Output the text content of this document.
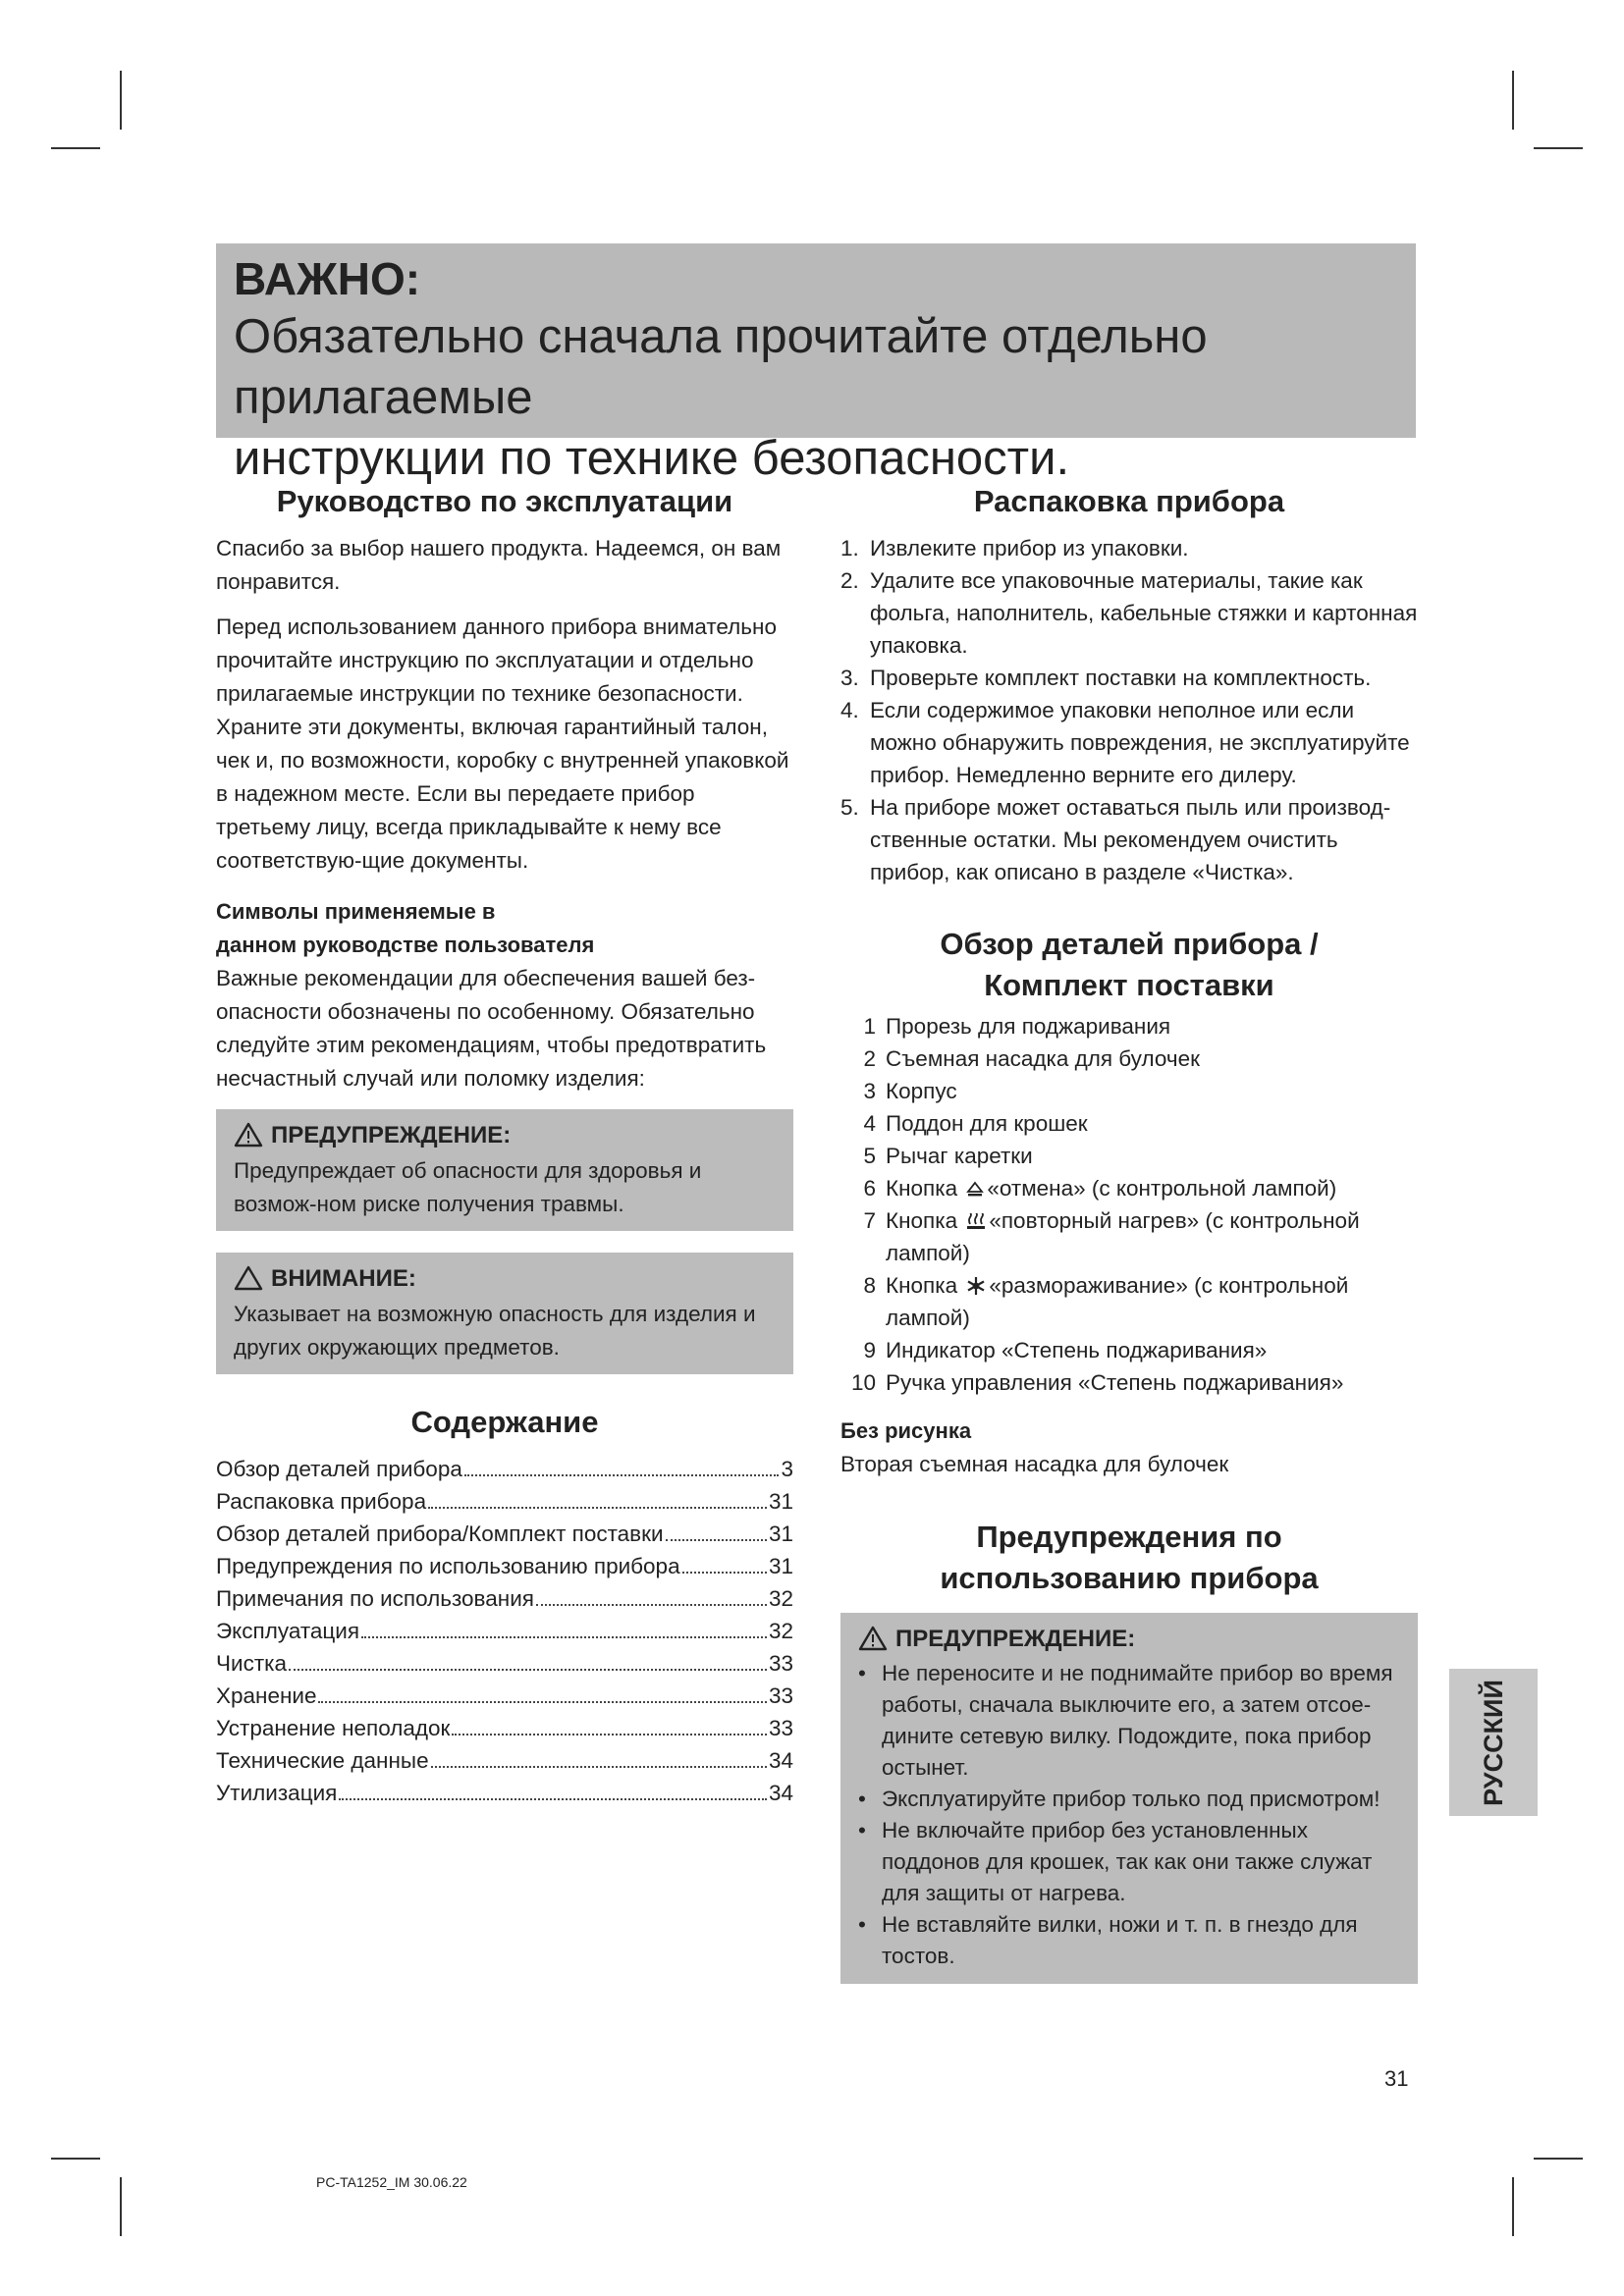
ВАЖНО:
Обязательно сначала прочитайте отдельно прилагаемые
инструкции по технике безопасности.
Руководство по эксплуатации

Спасибо за выбор нашего продукта. Надеемся, он вам понравится.

Перед использованием данного прибора внимательно прочитайте инструкцию по эксплуатации и отдельно прилагаемые инструкции по технике безопасности. Храните эти документы, включая гарантийный талон, чек и, по возможности, коробку с внутренней упаковкой в надежном месте. Если вы передаете прибор третьему лицу, всегда прикладывайте к нему все соответствую-щие документы.

Символы применяемые в
данном руководстве пользователя

Важные рекомендации для обеспечения вашей без-опасности обозначены по особенному. Обязательно следуйте этим рекомендациям, чтобы предотвратить несчастный случай или поломку изделия:

ПРЕДУПРЕЖДЕНИЕ:

Предупреждает об опасности для здоровья и возмож-ном риске получения травмы.

ВНИМАНИЕ:

Указывает на возможную опасность для изделия и других окружающих предметов.

Содержание
Обзор деталей прибора	3
Распаковка прибора	31
Обзор деталей прибора/Комплект поставки	31
Предупреждения по использованию прибора	31
Примечания по использования	32
Эксплуатация	32
Чистка	33
Хранение	33
Устранение неполадок	33
Технические данные	34
Утилизация	34
Распаковка прибора
1. Извлеките прибор из упаковки.
2. Удалите все упаковочные материалы, такие как фольга, наполнитель, кабельные стяжки и картонная упаковка.
3. Проверьте комплект поставки на комплектность.
4. Если содержимое упаковки неполное или если можно обнаружить повреждения, не эксплуатируйте прибор. Немедленно верните его дилеру.
5. На приборе может оставаться пыль или производ-ственные остатки. Мы рекомендуем очистить прибор, как описано в разделе «Чистка».
Обзор деталей прибора /
Комплект поставки
1 Прорезь для поджаривания
2 Съемная насадка для булочек
3 Корпус
4 Поддон для крошек
5 Рычаг каретки
6 Кнопка «отмена» (с контрольной лампой)
7 Кнопка «повторный нагрев» (с контрольной лампой)
8 Кнопка «размораживание» (с контрольной лампой)
9 Индикатор «Степень поджаривания»
10 Ручка управления «Степень поджаривания»
Без рисунка

Вторая съемная насадка для булочек

Предупреждения по
использованию прибора
ПРЕДУПРЕЖДЕНИЕ:
• Не переносите и не поднимайте прибор во время работы, сначала выключите его, а затем отсое-дините сетевую вилку. Подождите, пока прибор остынет.
• Эксплуатируйте прибор только под присмотром!
• Не включайте прибор без установленных поддонов для крошек, так как они также служат для защиты от нагрева.
• Не вставляйте вилки, ножи и т. п. в гнездо для тостов.
РУССКИЙ
31
PC-TA1252_IM 30.06.22
